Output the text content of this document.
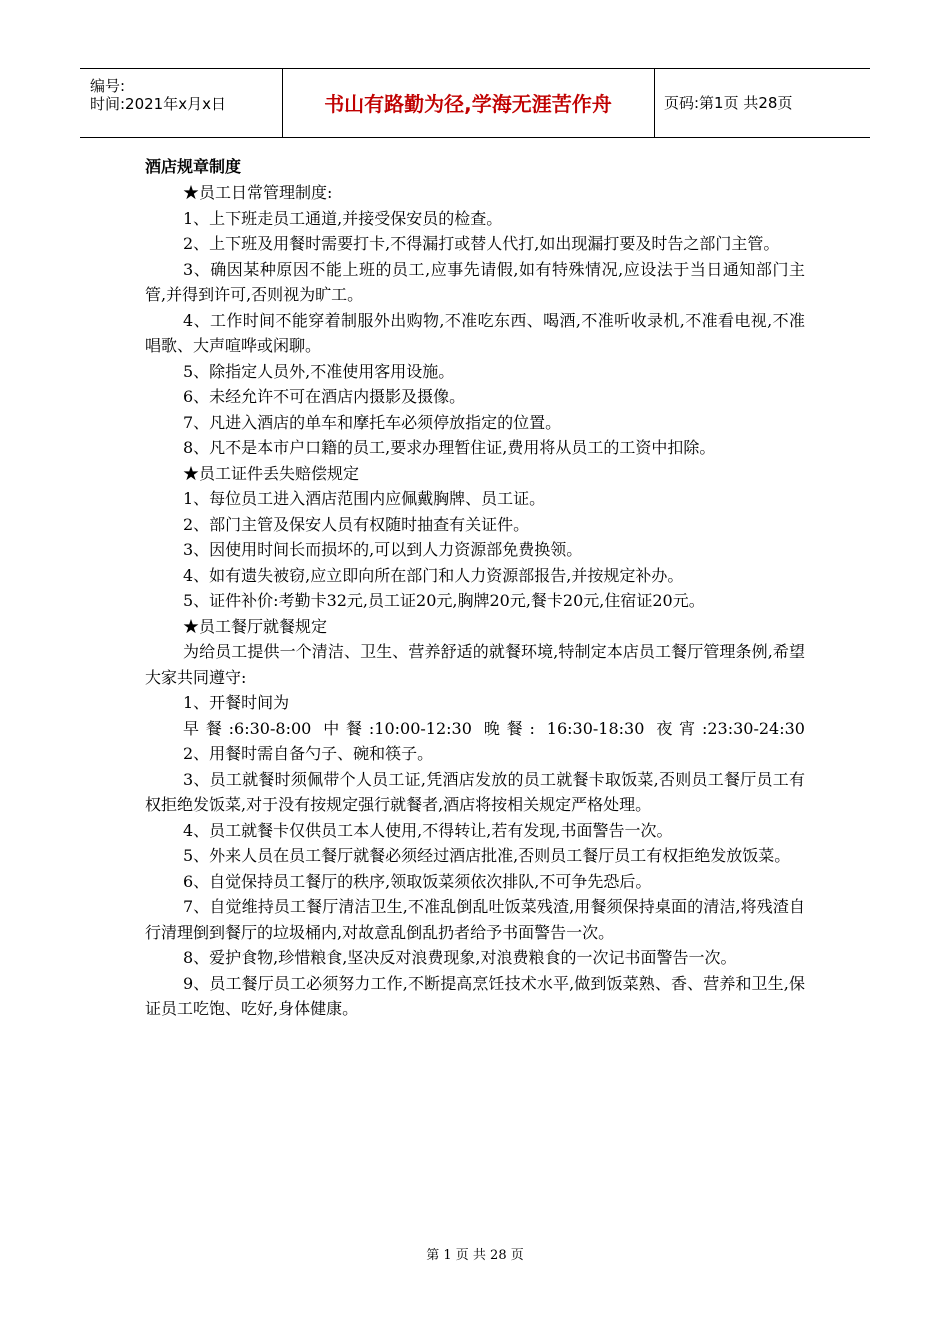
编号:
时间:2021年x月x日	书山有路勤为径,学海无涯苦作舟	页码:第1页 共28页
酒店规章制度
★员工日常管理制度:
1、上下班走员工通道,并接受保安员的检查。
2、上下班及用餐时需要打卡,不得漏打或替人代打,如出现漏打要及时告之部门主管。
3、确因某种原因不能上班的员工,应事先请假,如有特殊情况,应设法于当日通知部门主管,并得到许可,否则视为旷工。
4、工作时间不能穿着制服外出购物,不准吃东西、喝酒,不准听收录机,不准看电视,不准唱歌、大声喧哗或闲聊。
5、除指定人员外,不准使用客用设施。
6、未经允许不可在酒店内摄影及摄像。
7、凡进入酒店的单车和摩托车必须停放指定的位置。
8、凡不是本市户口籍的员工,要求办理暂住证,费用将从员工的工资中扣除。
★员工证件丢失赔偿规定
1、每位员工进入酒店范围内应佩戴胸牌、员工证。
2、部门主管及保安人员有权随时抽查有关证件。
3、因使用时间长而损坏的,可以到人力资源部免费换领。
4、如有遗失被窃,应立即向所在部门和人力资源部报告,并按规定补办。
5、证件补价:考勤卡32元,员工证20元,胸牌20元,餐卡20元,住宿证20元。
★员工餐厅就餐规定
为给员工提供一个清洁、卫生、营养舒适的就餐环境,特制定本店员工餐厅管理条例,希望大家共同遵守:
1、开餐时间为
早餐:6:30-8:00 中餐:10:00-12:30 晚餐: 16:30-18:30 夜宵:23:30-24:30
2、用餐时需自备勺子、碗和筷子。
3、员工就餐时须佩带个人员工证,凭酒店发放的员工就餐卡取饭菜,否则员工餐厅员工有权拒绝发饭菜,对于没有按规定强行就餐者,酒店将按相关规定严格处理。
4、员工就餐卡仅供员工本人使用,不得转让,若有发现,书面警告一次。
5、外来人员在员工餐厅就餐必须经过酒店批准,否则员工餐厅员工有权拒绝发放饭菜。
6、自觉保持员工餐厅的秩序,领取饭菜须依次排队,不可争先恐后。
7、自觉维持员工餐厅清洁卫生,不准乱倒乱吐饭菜残渣,用餐须保持桌面的清洁,将残渣自行清理倒到餐厅的垃圾桶内,对故意乱倒乱扔者给予书面警告一次。
8、爱护食物,珍惜粮食,坚决反对浪费现象,对浪费粮食的一次记书面警告一次。
9、员工餐厅员工必须努力工作,不断提高烹饪技术水平,做到饭菜熟、香、营养和卫生,保证员工吃饱、吃好,身体健康。
第 1 页 共 28 页
